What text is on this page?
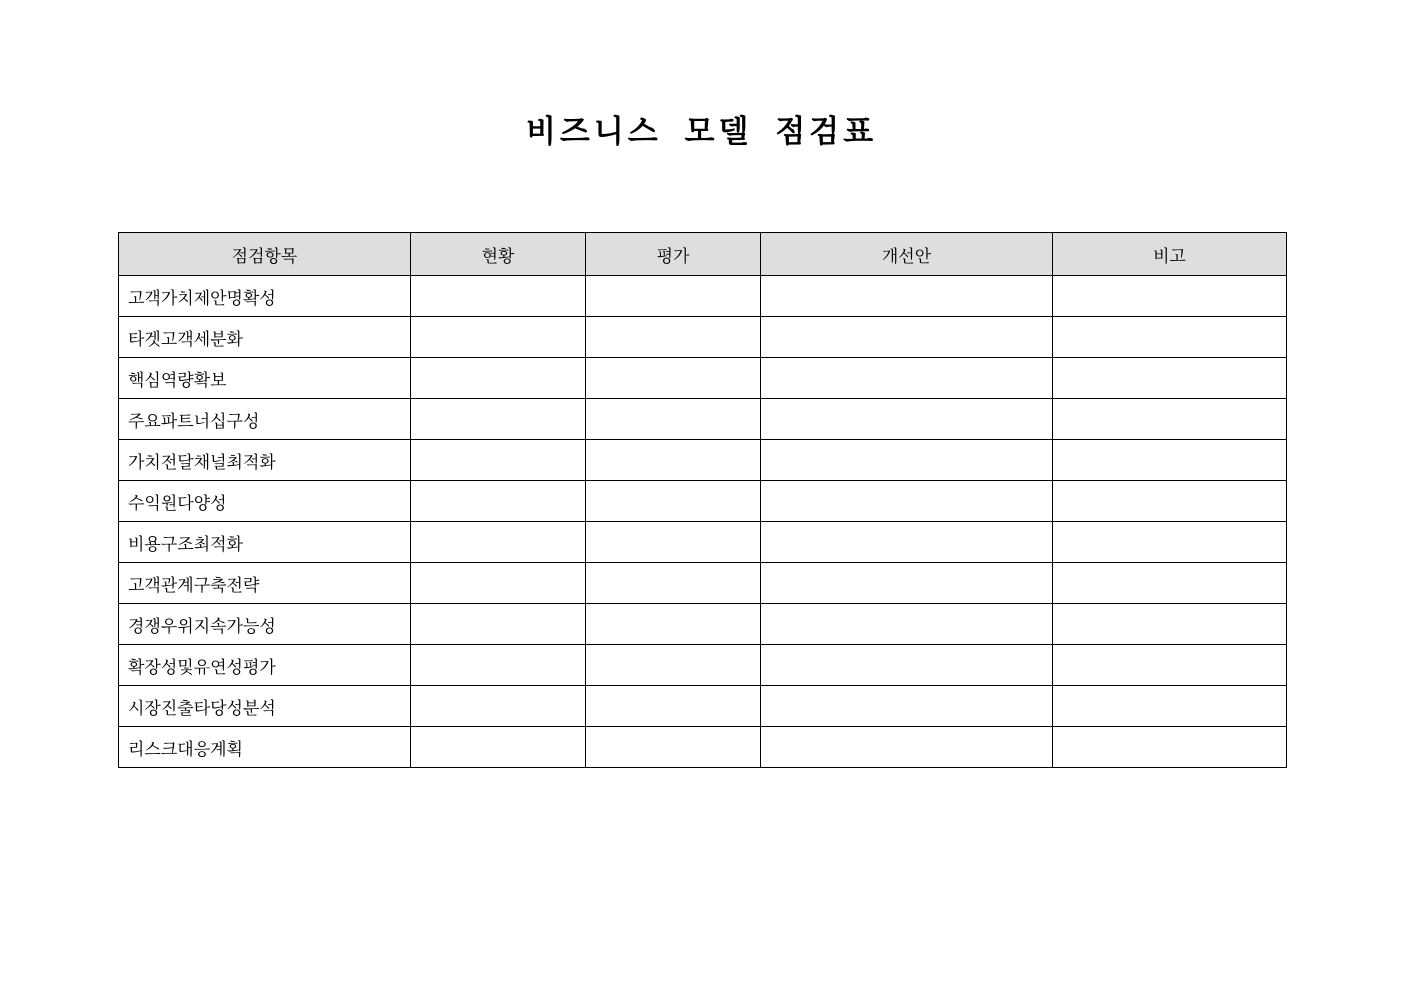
비즈니스 모델 점검표
점검항목	현황	평가	개선안	비고
고객가치제안명확성				
타겟고객세분화				
핵심역량확보				
주요파트너십구성				
가치전달채널최적화				
수익원다양성				
비용구조최적화				
고객관계구축전략				
경쟁우위지속가능성				
확장성및유연성평가				
시장진출타당성분석				
리스크대응계획				
